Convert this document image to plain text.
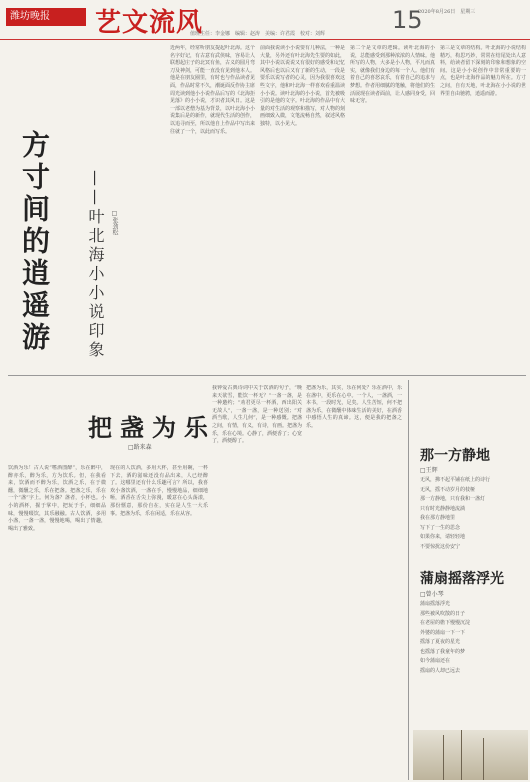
潍坊晚报	艺文流风
值班主任：李金娜　编辑：赵涛　美编：许君霞　校对：刘辉	15
2020年8月26日　星期三
方寸间的逍遥游 ——叶北海小小说印象	□张劲松
近两年，经常听朋友提起叶北海。这个名字好记，有古意有武侠味，容易让人联想起庄子的北冥有鱼，古义的圆月弯刀及神剑，可能一直没有见到他本人。他是在朋友圈里，有时也与作品读者见面，作品时常不久，潮诞面反作协主席周光读到他小小说作品后写的《北海拒见落》的小小说，才识者其风日。这是一部以老僧为基为背景，以叶北海小小说集后是的新作，就现代生活的创作，以追寻而至，所以他自上作品中写出来往就了一个，以此而写乐。
前面我说读小小说要有几种法，一种是大量，另外还有叶北海先生要的如此，其中小说以说说又有很好的感受和记忆风格后也以后又有了新的生动，一段是要乐以说写者的心灵，因为我很喜欢这些文字，他和叶北海一样喜欢看重温读小小说。读叶北海的小小说，首先被吸引的是他的文字。叶北海的作品中有大量的对生活的观察和描写，对人物的刻画细致入微，文笔流畅自然，叙述风格独特，以小见大。
第二个是文章的逻辑。读叶北海的小说，总能感受到那种浓浓的人情味。他所写的人物，大多是小人物，平凡而真实，就像我们身边的每一个人。他们有着自己的喜怒哀乐，有着自己的追求与梦想。作者用细腻的笔触，将他们的生活展现在读者面前，让人感同身受，回味无穷。
第三是文章的结构。叶北海的小说结构精巧，构思巧妙，常常在结尾处出人意料，给读者留下深刻的印象和想象的空间。这是小小说创作中非常重要的一点，也是叶北海作品的魅力所在。方寸之间，自有天地，叶北海在小小说的世界里自由驰骋，逍遥而游。
把盏为乐
□路来森
饮酒为乐！古人说“嗜酒图醉”，乐在醉中，醉亦乐，醉为乐，方为饮乐。但，在我看来，饮酒而不醉为乐，饮酒之乐，在于微醺，微醺之乐，乐在把盏。把盏之乐，乐在一个“盏”字上。何为盏？盏者，小杯也。小小的酒杯，握于掌中，把玩于手，细细品味，慢慢啜饮，其乐融融。古人饮酒，多用小盏，一盏一盏，慢慢地喝，喝出了情趣，喝出了雅致。
现在的人饮酒，多用大杯，甚至用碗，一杯下去，酒的滋味还没有品出来，人已经醉了。这哪里还有什么乐趣可言？所以，我喜欢小盏饮酒，一盏在手，慢慢地品，细细地咂，酒香在舌尖上弥漫，暖意在心头荡漾，那份惬意，那份自在，实在是人生一大乐事。把盏为乐，乐在闲适，乐在从容。
我钟爱古典诗词中关于饮酒的句子，“晚来天欲雪，能饮一杯无？”一盏一盏，是一种邀约；“劝君更尽一杯酒，西出阳关无故人”，一盏一盏，是一种送别；“对酒当歌，人生几何”，是一种感慨。把盏之间，有情，有义，有诗，有画。把盏为乐，乐在心境。心静了，酒便香了；心宽了，酒便醇了。
把盏为乐，其实，乐在何处？乐在酒中，乐在盏中，更乐在心中。一个人，一盏酒，一本书，一段时光，足矣。人生苦短，何不把盏为乐，在微醺中体味生活的美好，在酒香中感悟人生的真谛。这，便是我的把盏之乐。
那一方静地
□王辉
无风，拂不起平铺在纸上的诗行
无风，摇不动岁月的枝桠
那一方静地，只有我和一盏灯
只有时光静静地流淌
我在那方静地里
写下了一生的思念
如果你来，请轻轻地
不要惊扰这份安宁
蒲扇摇落浮光
□曾小琴
蒲扇摇落浮光
那些被风吹散的日子
在老屋的檐下慢慢沉淀
外婆的蒲扇一下一下
摇落了夏夜的星光
也摇落了我童年的梦
如今蒲扇还在
摇扇的人却已远去
